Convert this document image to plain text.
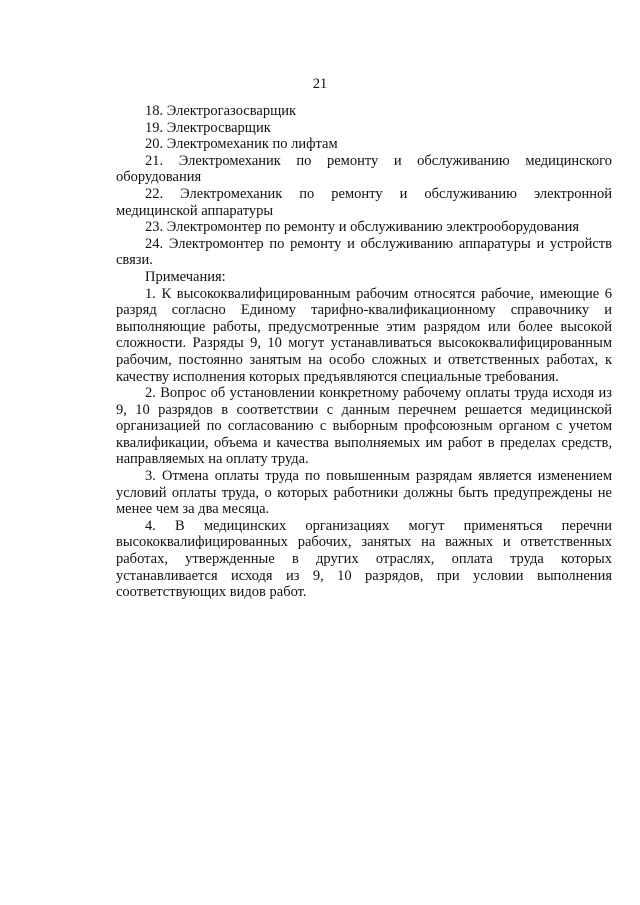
21

18. Электрогазосварщик

19. Электросварщик

20. Электромеханик по лифтам

21. Электромеханик по ремонту и обслуживанию медицинского оборудования

22. Электромеханик по ремонту и обслуживанию электронной медицинской аппаратуры

23. Электромонтер по ремонту и обслуживанию электрооборудования

24. Электромонтер по ремонту и обслуживанию аппаратуры и устройств связи.

Примечания:

1. К высококвалифицированным рабочим относятся рабочие, имеющие 6 разряд согласно Единому тарифно-квалификационному справочнику и выполняющие работы, предусмотренные этим разрядом или более высокой сложности. Разряды 9, 10 могут устанавливаться высококвалифицированным рабочим, постоянно занятым на особо сложных и ответственных работах, к качеству исполнения которых предъявляются специальные требования.

2. Вопрос об установлении конкретному рабочему оплаты труда исходя из 9, 10 разрядов в соответствии с данным перечнем решается медицинской организацией по согласованию с выборным профсоюзным органом с учетом квалификации, объема и качества выполняемых им работ в пределах средств, направляемых на оплату труда.

3. Отмена оплаты труда по повышенным разрядам является изменением условий оплаты труда, о которых работники должны быть предупреждены не менее чем за два месяца.

4. В медицинских организациях могут применяться перечни высококвалифицированных рабочих, занятых на важных и ответственных работах, утвержденные в других отраслях, оплата труда которых устанавливается исходя из 9, 10 разрядов, при условии выполнения соответствующих видов работ.
